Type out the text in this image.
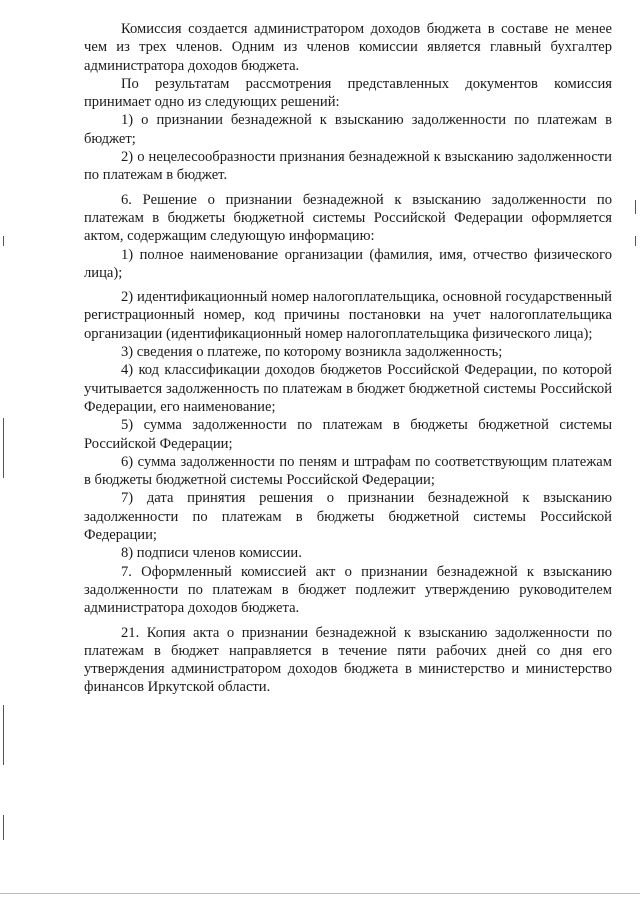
Комиссия создается администратором доходов бюджета в составе не менее чем из трех членов. Одним из членов комиссии является главный бухгалтер администратора доходов бюджета.

По результатам рассмотрения представленных документов комиссия принимает одно из следующих решений:

1) о признании безнадежной к взысканию задолженности по платежам в бюджет;

2) о нецелесообразности признания безнадежной к взысканию задолженности по платежам в бюджет.

6. Решение о признании безнадежной к взысканию задолженности по платежам в бюджеты бюджетной системы Российской Федерации оформляется актом, содержащим следующую информацию:

1) полное наименование организации (фамилия, имя, отчество физического лица);

2) идентификационный номер налогоплательщика, основной государственный регистрационный номер, код причины постановки на учет налогоплательщика организации (идентификационный номер налогоплательщика физического лица);

3) сведения о платеже, по которому возникла задолженность;

4) код классификации доходов бюджетов Российской Федерации, по которой учитывается задолженность по платежам в бюджет бюджетной системы Российской Федерации, его наименование;

5) сумма задолженности по платежам в бюджеты бюджетной системы Российской Федерации;

6) сумма задолженности по пеням и штрафам по соответствующим платежам в бюджеты бюджетной системы Российской Федерации;

7) дата принятия решения о признании безнадежной к взысканию задолженности по платежам в бюджеты бюджетной системы Российской Федерации;

8) подписи членов комиссии.

7. Оформленный комиссией акт о признании безнадежной к взысканию задолженности по платежам в бюджет подлежит утверждению руководителем администратора доходов бюджета.

21. Копия акта о признании безнадежной к взысканию задолженности по платежам в бюджет направляется в течение пяти рабочих дней со дня его утверждения администратором доходов бюджета в министерство и министерство финансов Иркутской области.
